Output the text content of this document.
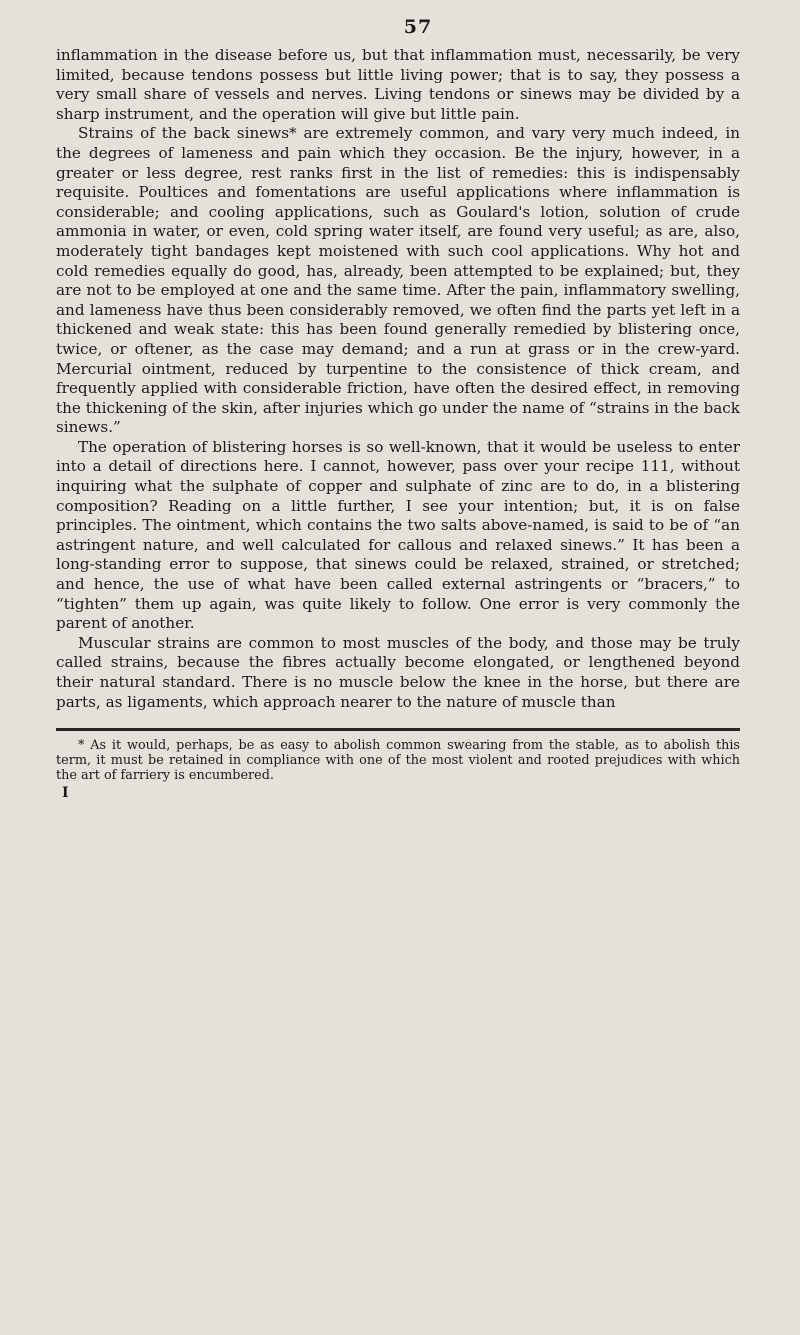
57

inflammation in the disease before us, but that inflammation must, necessarily, be very limited, because tendons possess but little living power; that is to say, they possess a very small share of vessels and nerves. Living tendons or sinews may be divided by a sharp instrument, and the operation will give but little pain.

Strains of the back sinews* are extremely common, and vary very much indeed, in the degrees of lameness and pain which they occasion. Be the injury, however, in a greater or less degree, rest ranks first in the list of remedies: this is indispensably requisite. Poultices and fomentations are useful applications where inflammation is considerable; and cooling applications, such as Goulard's lotion, solution of crude ammonia in water, or even, cold spring water itself, are found very useful; as are, also, moderately tight bandages kept moistened with such cool applications. Why hot and cold remedies equally do good, has, already, been attempted to be explained; but, they are not to be employed at one and the same time. After the pain, inflammatory swelling, and lameness have thus been considerably removed, we often find the parts yet left in a thickened and weak state: this has been found generally remedied by blistering once, twice, or oftener, as the case may demand; and a run at grass or in the crew-yard. Mercurial ointment, reduced by turpentine to the consistence of thick cream, and frequently applied with considerable friction, have often the desired effect, in removing the thickening of the skin, after injuries which go under the name of “strains in the back sinews.”

The operation of blistering horses is so well-known, that it would be useless to enter into a detail of directions here. I cannot, however, pass over your recipe 111, without inquiring what the sulphate of copper and sulphate of zinc are to do, in a blistering composition? Reading on a little further, I see your intention; but, it is on false principles. The ointment, which contains the two salts above-named, is said to be of “an astringent nature, and well calculated for callous and relaxed sinews.” It has been a long-standing error to suppose, that sinews could be relaxed, strained, or stretched; and hence, the use of what have been called external astringents or “bracers,” to “tighten” them up again, was quite likely to follow. One error is very commonly the parent of another.

Muscular strains are common to most muscles of the body, and those may be truly called strains, because the fibres actually become elongated, or lengthened beyond their natural standard. There is no muscle below the knee in the horse, but there are parts, as ligaments, which approach nearer to the nature of muscle than

* As it would, perhaps, be as easy to abolish common swearing from the stable, as to abolish this term, it must be retained in compliance with one of the most violent and rooted prejudices with which the art of farriery is encumbered.

I
